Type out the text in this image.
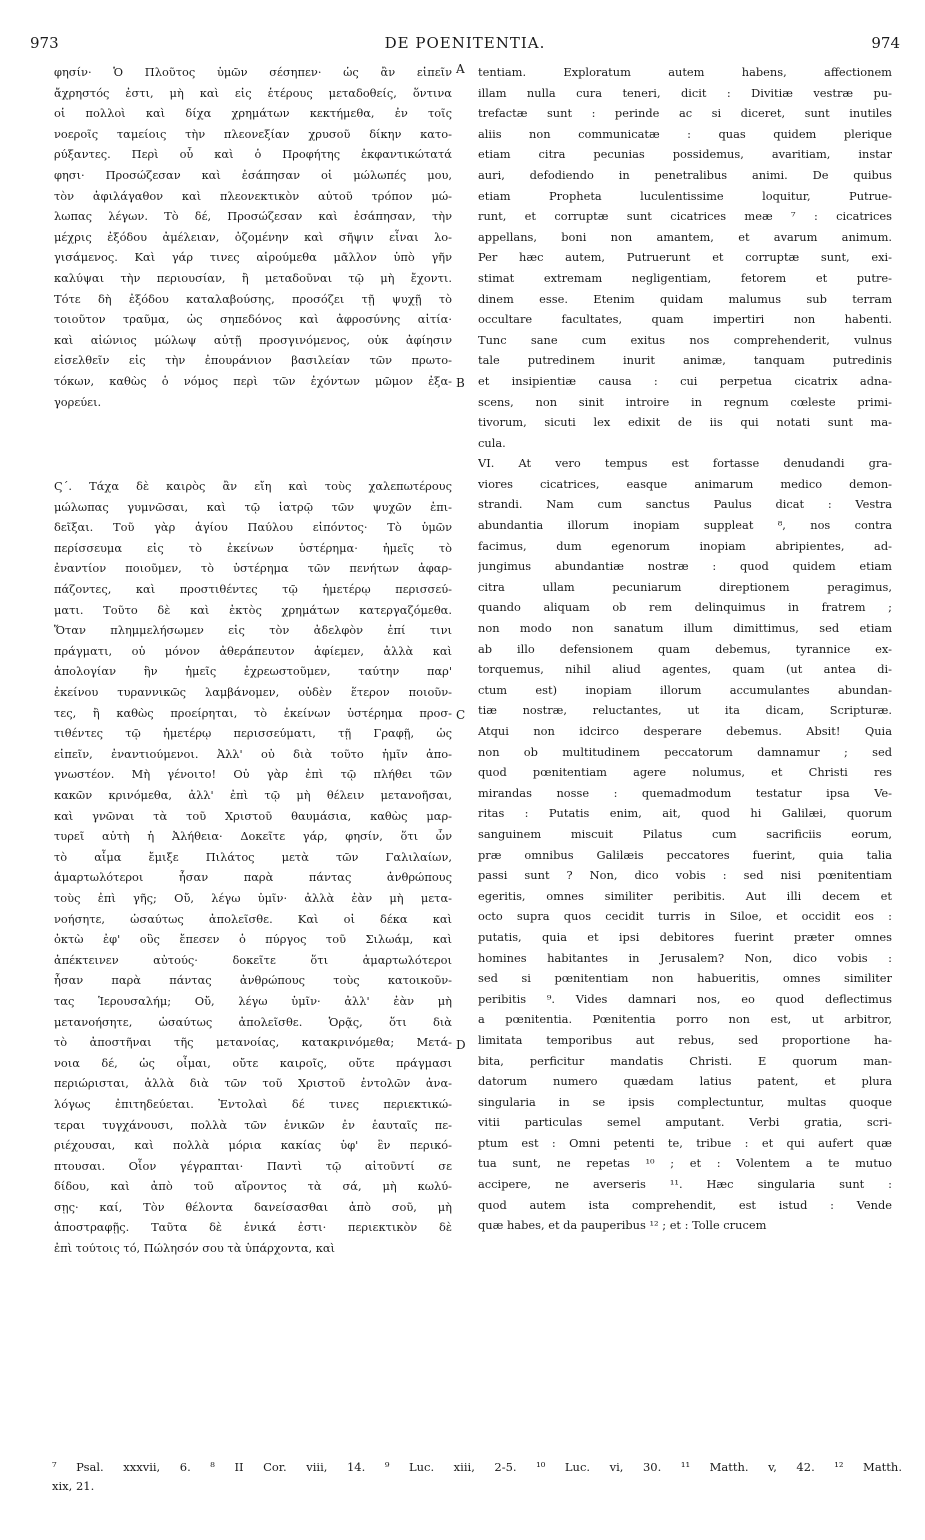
973	DE POENITENTIA.	974
A
B
C
D
φησίν· Ὁ Πλοῦτος ὑμῶν σέσηπεν· ὡς ἂν εἰπεῖν
ἄχρηστός ἐστι, μὴ καὶ εἰς ἑτέρους μεταδοθείς, ὅντινα
οἱ πολλοὶ καὶ δίχα χρημάτων κεκτήμεθα, ἐν τοῖς
νοεροῖς ταμείοις τὴν πλεονεξίαν χρυσοῦ δίκην κατο-
ρύξαντες. Περὶ οὗ καὶ ὁ Προφήτης ἐκφαντικώτατά
φησι· Προσώζεσαν καὶ ἐσάπησαν οἱ μώλωπές μου,
τὸν ἀφιλάγαθον καὶ πλεονεκτικὸν αὐτοῦ τρόπον μώ-
λωπας λέγων. Τὸ δέ, Προσώζεσαν καὶ ἐσάπησαν, τὴν
μέχρις ἐξόδου ἀμέλειαν, ὀζομένην καὶ σῆψιν εἶναι λο-
γισάμενος. Καὶ γάρ τινες αἱρούμεθα μᾶλλον ὑπὸ γῆν
καλύψαι τὴν περιουσίαν, ἢ μεταδοῦναι τῷ μὴ ἔχοντι.
Τότε δὴ ἐξόδου καταλαβούσης, προσόζει τῇ ψυχῇ τὸ
τοιοῦτον τραῦμα, ὡς σηπεδόνος καὶ ἀφροσύνης αἰτία·
καὶ αἰώνιος μώλωψ αὐτῇ προσγινόμενος, οὐκ ἀφίησιν
εἰσελθεῖν εἰς τὴν ἐπουράνιον βασιλείαν τῶν πρωτο-
τόκων, καθὼς ὁ νόμος περὶ τῶν ἐχόντων μῶμον ἐξα-
γορεύει.
Ϛ΄. Τάχα δὲ καιρὸς ἂν εἴη καὶ τοὺς χαλεπωτέρους
μώλωπας γυμνῶσαι, καὶ τῷ ἰατρῷ τῶν ψυχῶν ἐπι-
δεῖξαι. Τοῦ γὰρ ἁγίου Παύλου εἰπόντος· Τὸ ὑμῶν
περίσσευμα εἰς τὸ ἐκείνων ὑστέρημα· ἡμεῖς τὸ
ἐναντίον ποιοῦμεν, τὸ ὑστέρημα τῶν πενήτων ἀφαρ-
πάζοντες, καὶ προστιθέντες τῷ ἡμετέρῳ περισσεύ-
ματι. Τοῦτο δὲ καὶ ἐκτὸς χρημάτων κατεργαζόμεθα.
Ὅταν πλημμελήσωμεν εἰς τὸν ἀδελφὸν ἐπί τινι
πράγματι, οὐ μόνον ἀθεράπευτον ἀφίεμεν, ἀλλὰ καὶ
ἀπολογίαν ἣν ἡμεῖς ἐχρεωστοῦμεν, ταύτην παρ'
ἐκείνου τυραννικῶς λαμβάνομεν, οὐδὲν ἕτερον ποιοῦν-
τες, ἢ καθὼς προείρηται, τὸ ἐκείνων ὑστέρημα προσ-
τιθέντες τῷ ἡμετέρῳ περισσεύματι, τῇ Γραφῇ, ὡς
εἰπεῖν, ἐναντιούμενοι. Ἀλλ' οὐ διὰ τοῦτο ἡμῖν ἀπο-
γνωστέον. Μὴ γένοιτο! Οὐ γὰρ ἐπὶ τῷ πλήθει τῶν
κακῶν κρινόμεθα, ἀλλ' ἐπὶ τῷ μὴ θέλειν μετανοῆσαι,
καὶ γνῶναι τὰ τοῦ Χριστοῦ θαυμάσια, καθὼς μαρ-
τυρεῖ αὐτὴ ἡ Ἀλήθεια· Δοκεῖτε γάρ, φησίν, ὅτι ὧν
τὸ αἷμα ἔμιξε Πιλάτος μετὰ τῶν Γαλιλαίων,
ἁμαρτωλότεροι ἦσαν παρὰ πάντας ἀνθρώπους
τοὺς ἐπὶ γῆς; Οὔ, λέγω ὑμῖν· ἀλλὰ ἐὰν μὴ μετα-
νοήσητε, ὡσαύτως ἀπολεῖσθε. Καὶ οἱ δέκα καὶ
ὀκτὼ ἐφ' οὓς ἔπεσεν ὁ πύργος τοῦ Σιλωάμ, καὶ
ἀπέκτεινεν αὐτούς· δοκεῖτε ὅτι ἁμαρτωλότεροι
ἦσαν παρὰ πάντας ἀνθρώπους τοὺς κατοικοῦν-
τας Ἱερουσαλήμ; Οὔ, λέγω ὑμῖν· ἀλλ' ἐὰν μὴ
μετανοήσητε, ὡσαύτως ἀπολεῖσθε. Ὁρᾷς, ὅτι διὰ
τὸ ἀποστῆναι τῆς μετανοίας, κατακρινόμεθα; Μετά-
νοια δέ, ὡς οἶμαι, οὔτε καιροῖς, οὔτε πράγμασι
περιώρισται, ἀλλὰ διὰ τῶν τοῦ Χριστοῦ ἐντολῶν ἀνα-
λόγως ἐπιτηδεύεται. Ἐντολαὶ δέ τινες περιεκτικώ-
τεραι τυγχάνουσι, πολλὰ τῶν ἑνικῶν ἐν ἑαυταῖς πε-
ριέχουσαι, καὶ πολλὰ μόρια κακίας ὑφ' ἓν περικό-
πτουσαι. Οἷον γέγραπται· Παντὶ τῷ αἰτοῦντί σε
δίδου, καὶ ἀπὸ τοῦ αἴροντος τὰ σά, μὴ κωλύ-
σῃς· καί, Τὸν θέλοντα δανείσασθαι ἀπὸ σοῦ, μὴ
ἀποστραφῇς. Ταῦτα δὲ ἑνικά ἐστι· περιεκτικὸν δὲ
ἐπὶ τούτοις τό, Πώλησόν σου τὰ ὑπάρχοντα, καὶ
tentiam. Exploratum autem habens, affectionem
illam nulla cura teneri, dicit : Divitiæ vestræ pu-
trefactæ sunt : perinde ac si diceret, sunt inutiles
aliis non communicatæ : quas quidem plerique
etiam citra pecunias possidemus, avaritiam, instar
auri, defodiendo in penetralibus animi. De quibus
etiam Propheta luculentissime loquitur, Putrue-
runt, et corruptæ sunt cicatrices meæ ⁷ : cicatrices
appellans, boni non amantem, et avarum animum.
Per hæc autem, Putruerunt et corruptæ sunt, exi-
stimat extremam negligentiam, fetorem et putre-
dinem esse. Etenim quidam malumus sub terram
occultare facultates, quam impertiri non habenti.
Tunc sane cum exitus nos comprehenderit, vulnus
tale putredinem inurit animæ, tanquam putredinis
et insipientiæ causa : cui perpetua cicatrix adna-
scens, non sinit introire in regnum cœleste primi-
tivorum, sicuti lex edixit de iis qui notati sunt ma-
cula.
VI. At vero tempus est fortasse denudandi gra-
viores cicatrices, easque animarum medico demon-
strandi. Nam cum sanctus Paulus dicat : Vestra
abundantia illorum inopiam suppleat ⁸, nos contra
facimus, dum egenorum inopiam abripientes, ad-
jungimus abundantiæ nostræ : quod quidem etiam
citra ullam pecuniarum direptionem peragimus,
quando aliquam ob rem delinquimus in fratrem ;
non modo non sanatum illum dimittimus, sed etiam
ab illo defensionem quam debemus, tyrannice ex-
torquemus, nihil aliud agentes, quam (ut antea di-
ctum est) inopiam illorum accumulantes abundan-
tiæ nostræ, reluctantes, ut ita dicam, Scripturæ.
Atqui non idcirco desperare debemus. Absit! Quia
non ob multitudinem peccatorum damnamur ; sed
quod pœnitentiam agere nolumus, et Christi res
mirandas nosse : quemadmodum testatur ipsa Ve-
ritas : Putatis enim, ait, quod hi Galilæi, quorum
sanguinem miscuit Pilatus cum sacrificiis eorum,
præ omnibus Galilæis peccatores fuerint, quia talia
passi sunt ? Non, dico vobis : sed nisi pœnitentiam
egeritis, omnes similiter peribitis. Aut illi decem et
octo supra quos cecidit turris in Siloe, et occidit eos :
putatis, quia et ipsi debitores fuerint præter omnes
homines habitantes in Jerusalem? Non, dico vobis :
sed si pœnitentiam non habueritis, omnes similiter
peribitis ⁹. Vides damnari nos, eo quod deflectimus
a pœnitentia. Pœnitentia porro non est, ut arbitror,
limitata temporibus aut rebus, sed proportione ha-
bita, perficitur mandatis Christi. E quorum man-
datorum numero quædam latius patent, et plura
singularia in se ipsis complectuntur, multas quoque
vitii particulas semel amputant. Verbi gratia, scri-
ptum est : Omni petenti te, tribue : et qui aufert quæ
tua sunt, ne repetas ¹⁰ ; et : Volentem a te mutuo
accipere, ne averseris ¹¹. Hæc singularia sunt :
quod autem ista comprehendit, est istud : Vende
quæ habes, et da pauperibus ¹² ; et : Tolle crucem
⁷ Psal. xxxvii, 6. ⁸ II Cor. viii, 14. ⁹ Luc. xiii, 2-5. ¹⁰ Luc. vi, 30. ¹¹ Matth. v, 42. ¹² Matth.
xix, 21.
